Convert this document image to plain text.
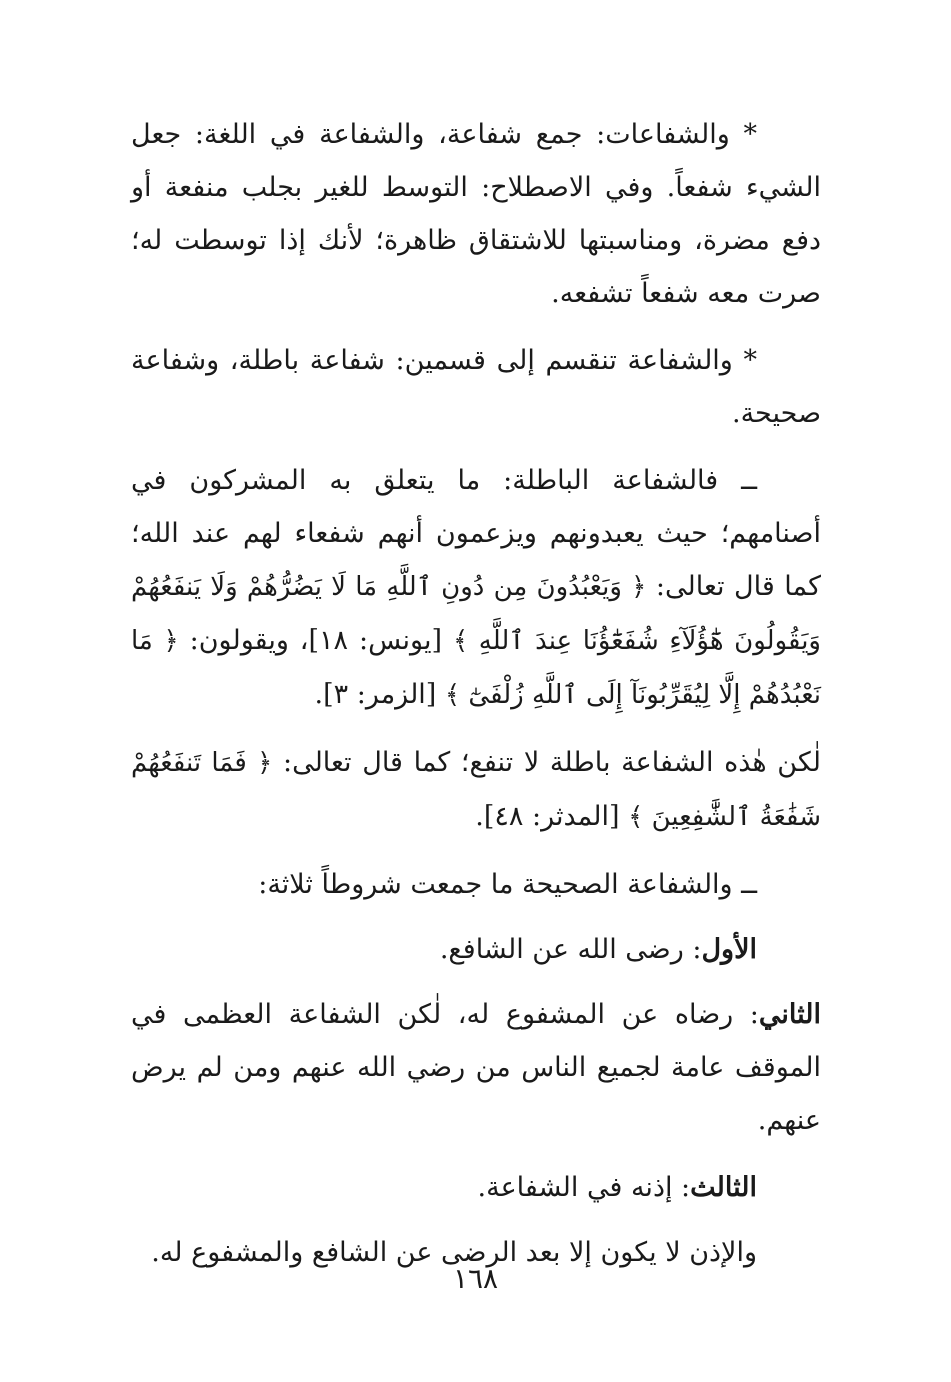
* والشفاعات: جمع شفاعة، والشفاعة في اللغة: جعل الشيء شفعاً. وفي الاصطلاح: التوسط للغير بجلب منفعة أو دفع مضرة، ومناسبتها للاشتقاق ظاهرة؛ لأنك إذا توسطت له؛ صرت معه شفعاً تشفعه.

* والشفاعة تنقسم إلى قسمين: شفاعة باطلة، وشفاعة صحيحة.

ــ فالشفاعة الباطلة: ما يتعلق به المشركون في أصنامهم؛ حيث يعبدونهم ويزعمون أنهم شفعاء لهم عند الله؛ كما قال تعالى: ﴿ وَيَعْبُدُونَ مِن دُونِ ٱللَّهِ مَا لَا يَضُرُّهُمْ وَلَا يَنفَعُهُمْ وَيَقُولُونَ هَٰٓؤُلَآءِ شُفَعَٰٓؤُنَا عِندَ ٱللَّهِ ﴾ [يونس: ١٨]، ويقولون: ﴿ مَا نَعْبُدُهُمْ إِلَّا لِيُقَرِّبُونَآ إِلَى ٱللَّهِ زُلْفَىٰٓ ﴾ [الزمر: ٣].

لٰكن هٰذه الشفاعة باطلة لا تنفع؛ كما قال تعالى: ﴿ فَمَا تَنفَعُهُمْ شَفَٰعَةُ ٱلشَّٰفِعِينَ ﴾ [المدثر: ٤٨].

ــ والشفاعة الصحيحة ما جمعت شروطاً ثلاثة:

الأول: رضى الله عن الشافع.

الثاني: رضاه عن المشفوع له، لٰكن الشفاعة العظمى في الموقف عامة لجميع الناس من رضي الله عنهم ومن لم يرض عنهم.

الثالث: إذنه في الشفاعة.

والإذن لا يكون إلا بعد الرضى عن الشافع والمشفوع له.

١٦٨
